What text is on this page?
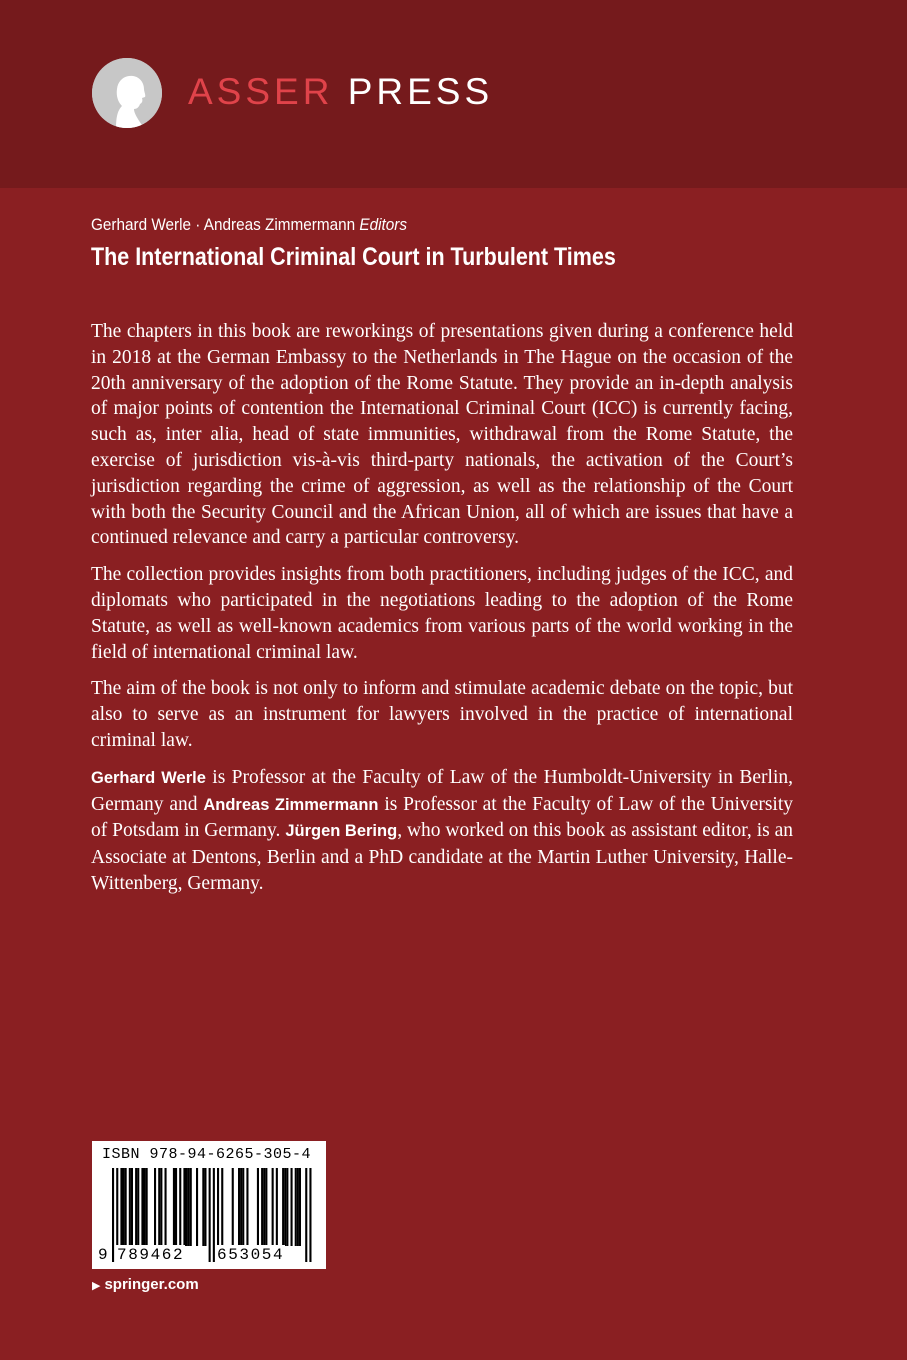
ASSER PRESS
Gerhard Werle · Andreas Zimmermann Editors
The International Criminal Court in Turbulent Times

The chapters in this book are reworkings of presentations given during a conference held in 2018 at the German Embassy to the Netherlands in The Hague on the occasion of the 20th anniversary of the adoption of the Rome Statute. They provide an in-depth analysis of major points of contention the International Criminal Court (ICC) is currently facing, such as, inter alia, head of state immunities, withdrawal from the Rome Statute, the exercise of jurisdiction vis-à-vis third-party nationals, the activation of the Court’s jurisdiction regarding the crime of aggression, as well as the relationship of the Court with both the Security Council and the African Union, all of which are issues that have a continued relevance and carry a particular controversy.

The collection provides insights from both practitioners, including judges of the ICC, and diplomats who participated in the negotiations leading to the adoption of the Rome Statute, as well as well-known academics from various parts of the world working in the field of international criminal law.

The aim of the book is not only to inform and stimulate academic debate on the topic, but also to serve as an instrument for lawyers involved in the practice of international criminal law.

Gerhard Werle is Professor at the Faculty of Law of the Humboldt-University in Berlin, Germany and Andreas Zimmermann is Professor at the Faculty of Law of the University of Potsdam in Germany. Jürgen Bering, who worked on this book as assistant editor, is an Associate at Dentons, Berlin and a PhD candidate at the Martin Luther University, Halle-Wittenberg, Germany.

ISBN 978-94-6265-305-4
9 789462 653054
▶ springer.com
